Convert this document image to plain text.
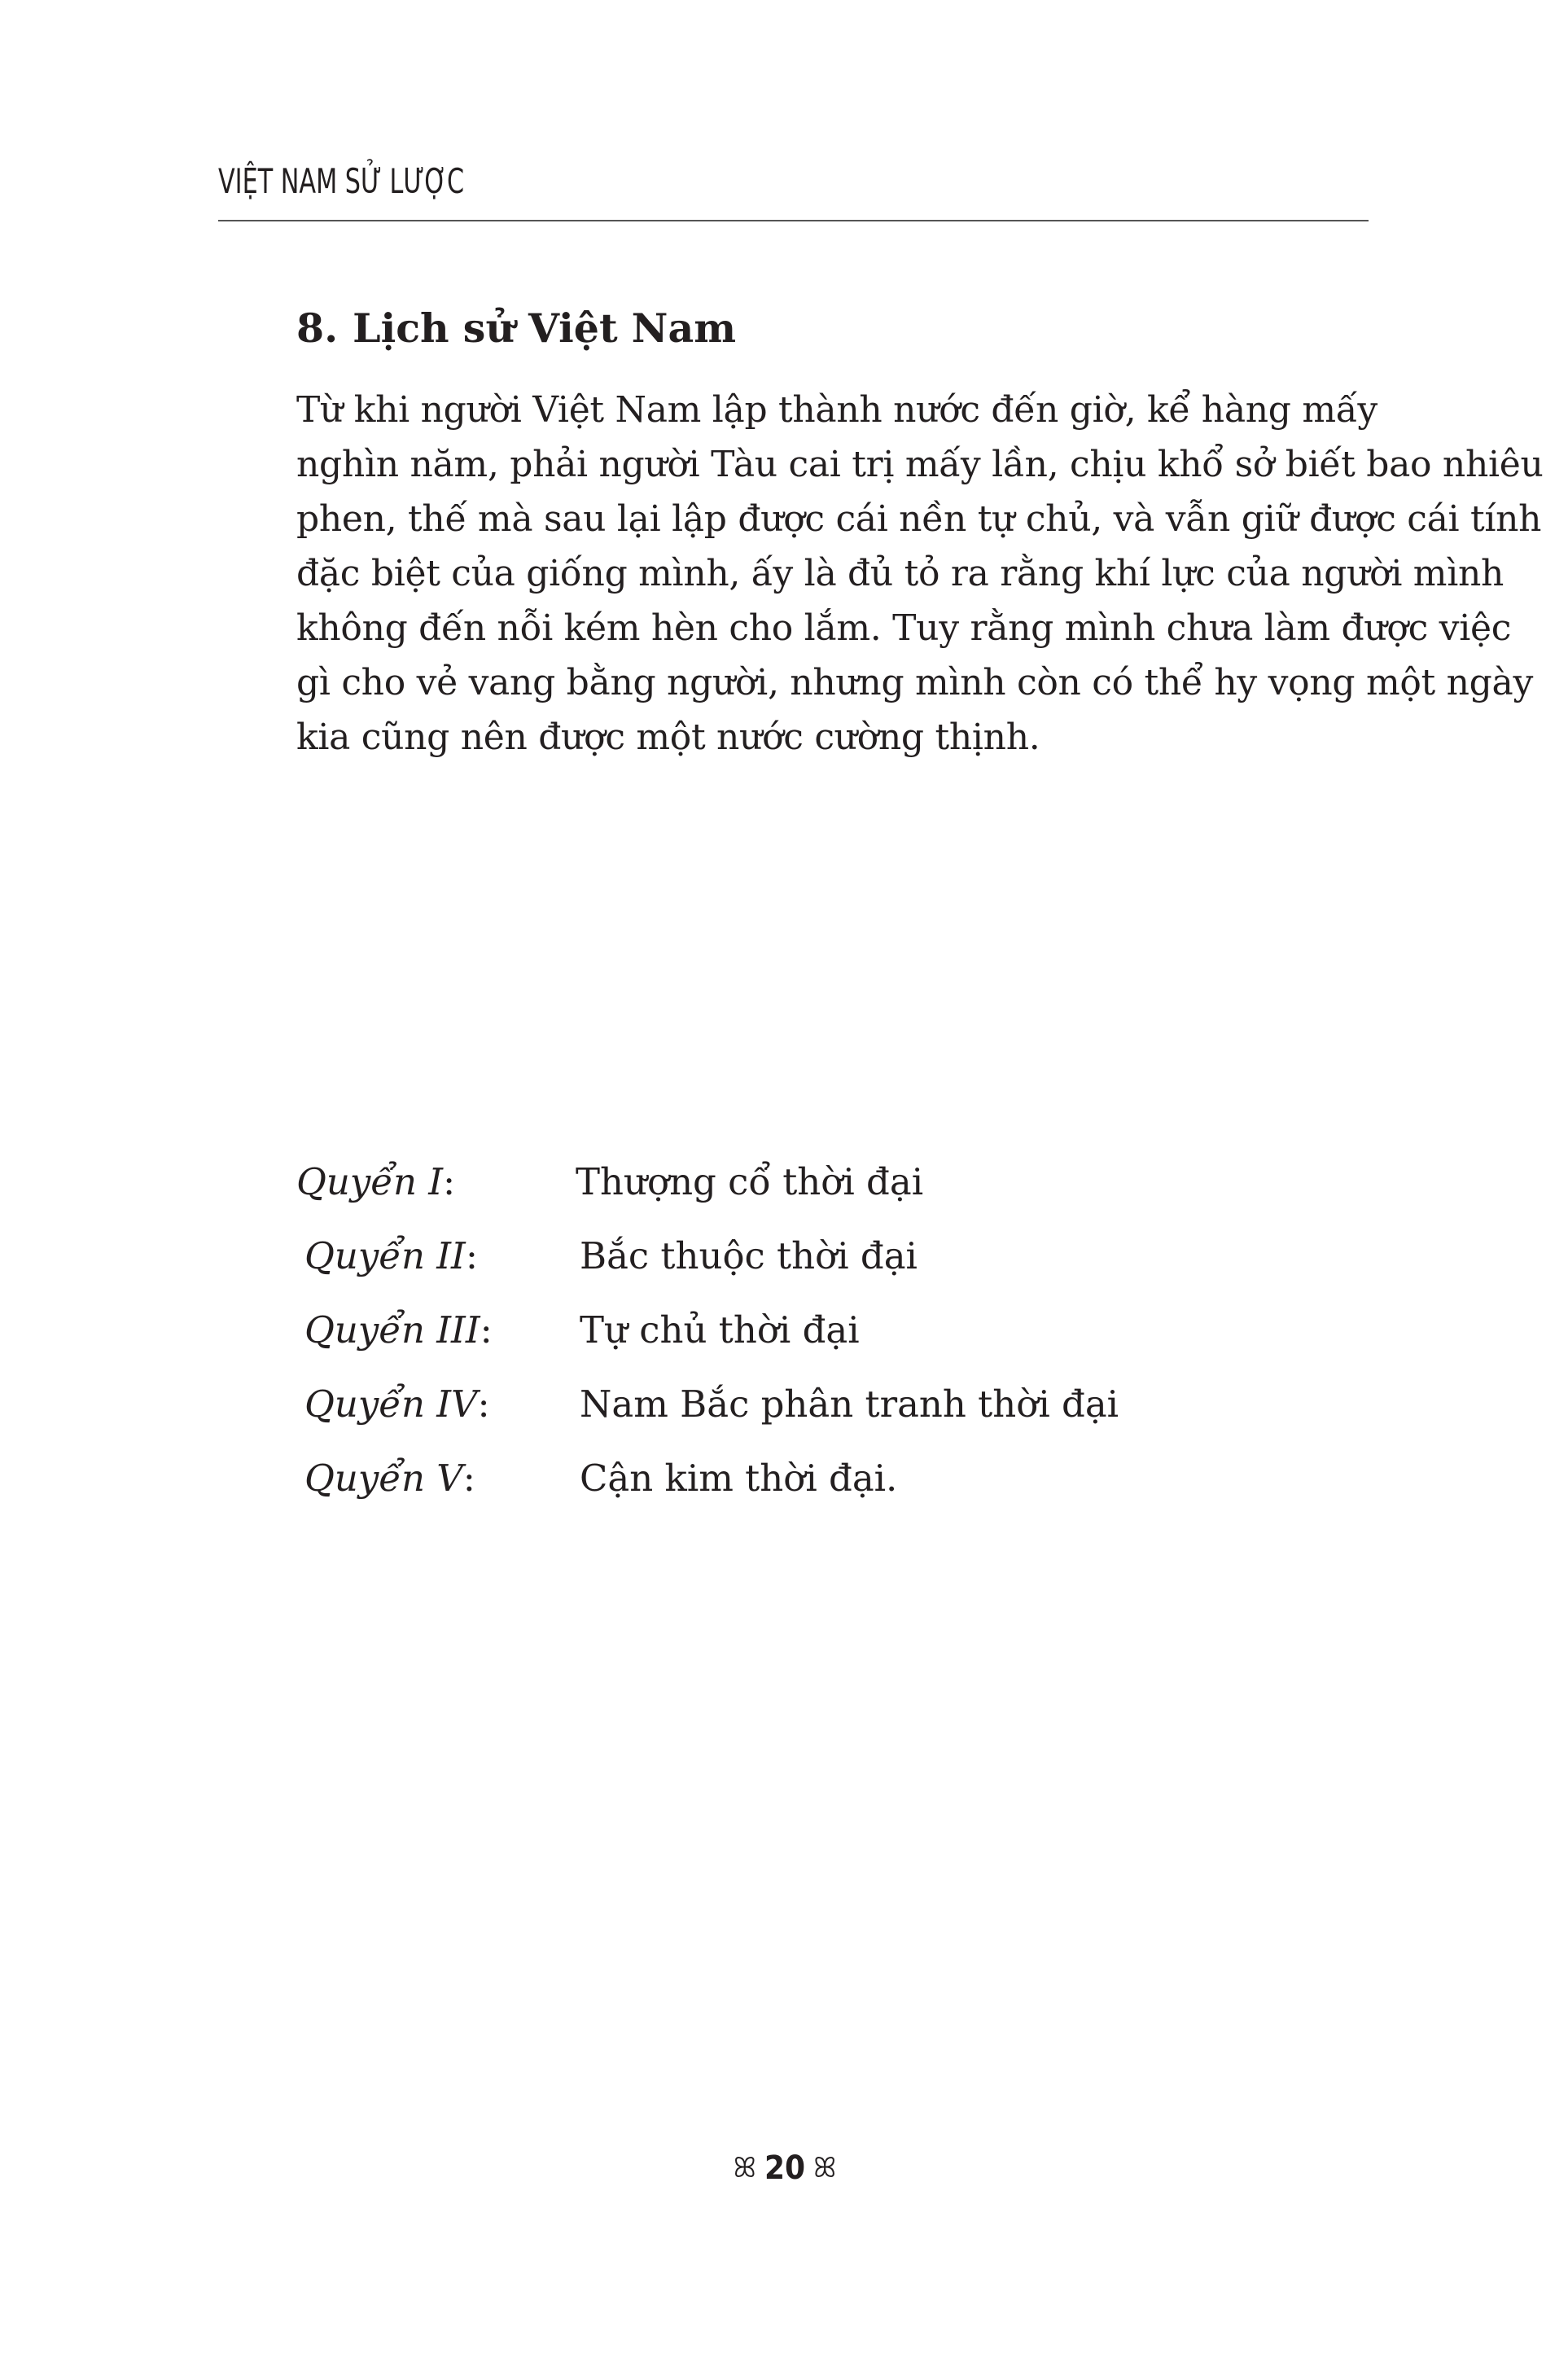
VIỆT NAM SỬ LƯỢC
8. Lịch sử Việt Nam
Quyển I:	Thượng cổ thời đại
Quyển II:	Bắc thuộc thời đại
Quyển III: Tự chủ thời đại
Quyển IV: Nam Bắc phân tranh thời đại
Quyển V:	Cận kim thời đại.
ꕤ 20 ꕤ
Từ khi người Việt Nam lập thành nước đến giờ, kể hàng mấy
nghìn năm, phải người Tàu cai trị mấy lần, chịu khổ sở biết bao nhiêu
phen, thế mà sau lại lập được cái nền tự chủ, và vẫn giữ được cái tính
đặc biệt của giống mình, ấy là đủ tỏ ra rằng khí lực của người mình
không đến nỗi kém hèn cho lắm. Tuy rằng mình chưa làm được việc
gì cho vẻ vang bằng người, nhưng mình còn có thể hy vọng một ngày
kia cũng nên được một nước cường thịnh.
